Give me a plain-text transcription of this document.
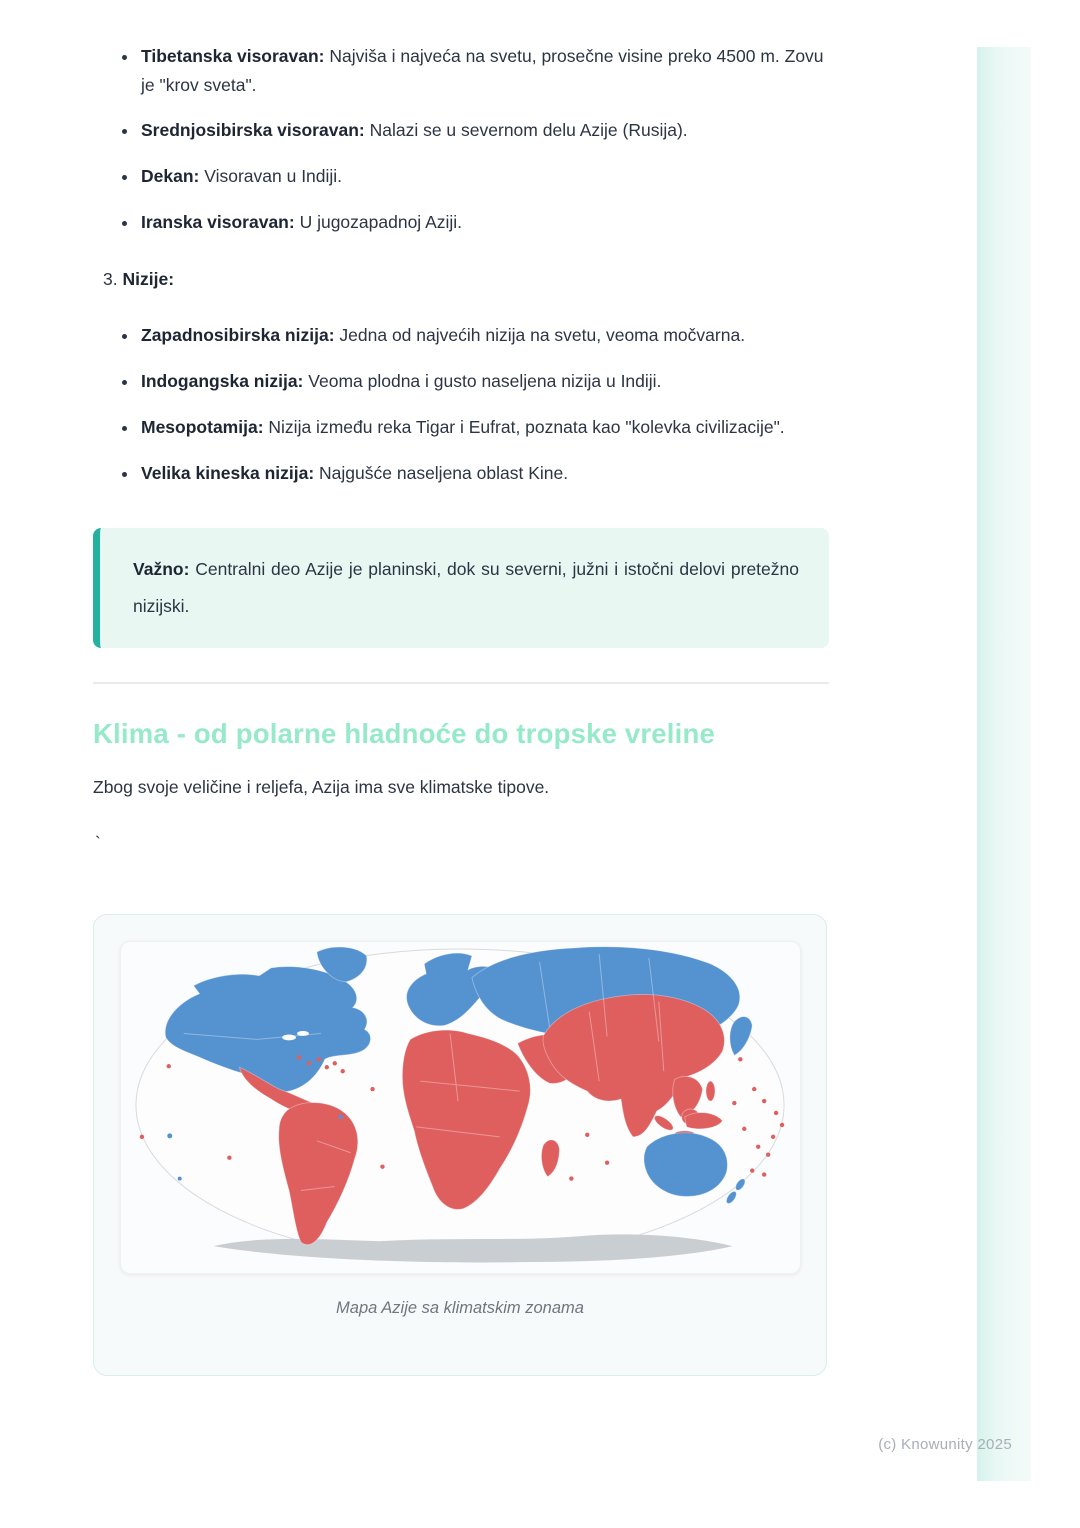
• Tibetanska visoravan: Najviša i najveća na svetu, prosečne visine preko 4500 m. Zovu je "krov sveta".
• Srednjosibirska visoravan: Nalazi se u severnom delu Azije (Rusija).
• Dekan: Visoravan u Indiji.
• Iranska visoravan: U jugozapadnoj Aziji.
3. Nizije:
• Zapadnosibirska nizija: Jedna od najvećih nizija na svetu, veoma močvarna.
• Indogangska nizija: Veoma plodna i gusto naseljena nizija u Indiji.
• Mesopotamija: Nizija između reka Tigar i Eufrat, poznata kao "kolevka civilizacije".
• Velika kineska nizija: Najgušće naseljena oblast Kine.

Važno: Centralni deo Azije je planinski, dok su severni, južni i istočni delovi pretežno nizijski.

Klima - od polarne hladnoće do tropske vreline

Zbog svoje veličine i reljefa, Azija ima sve klimatske tipove.

`

Mapa Azije sa klimatskim zonama
(c) Knowunity 2025
